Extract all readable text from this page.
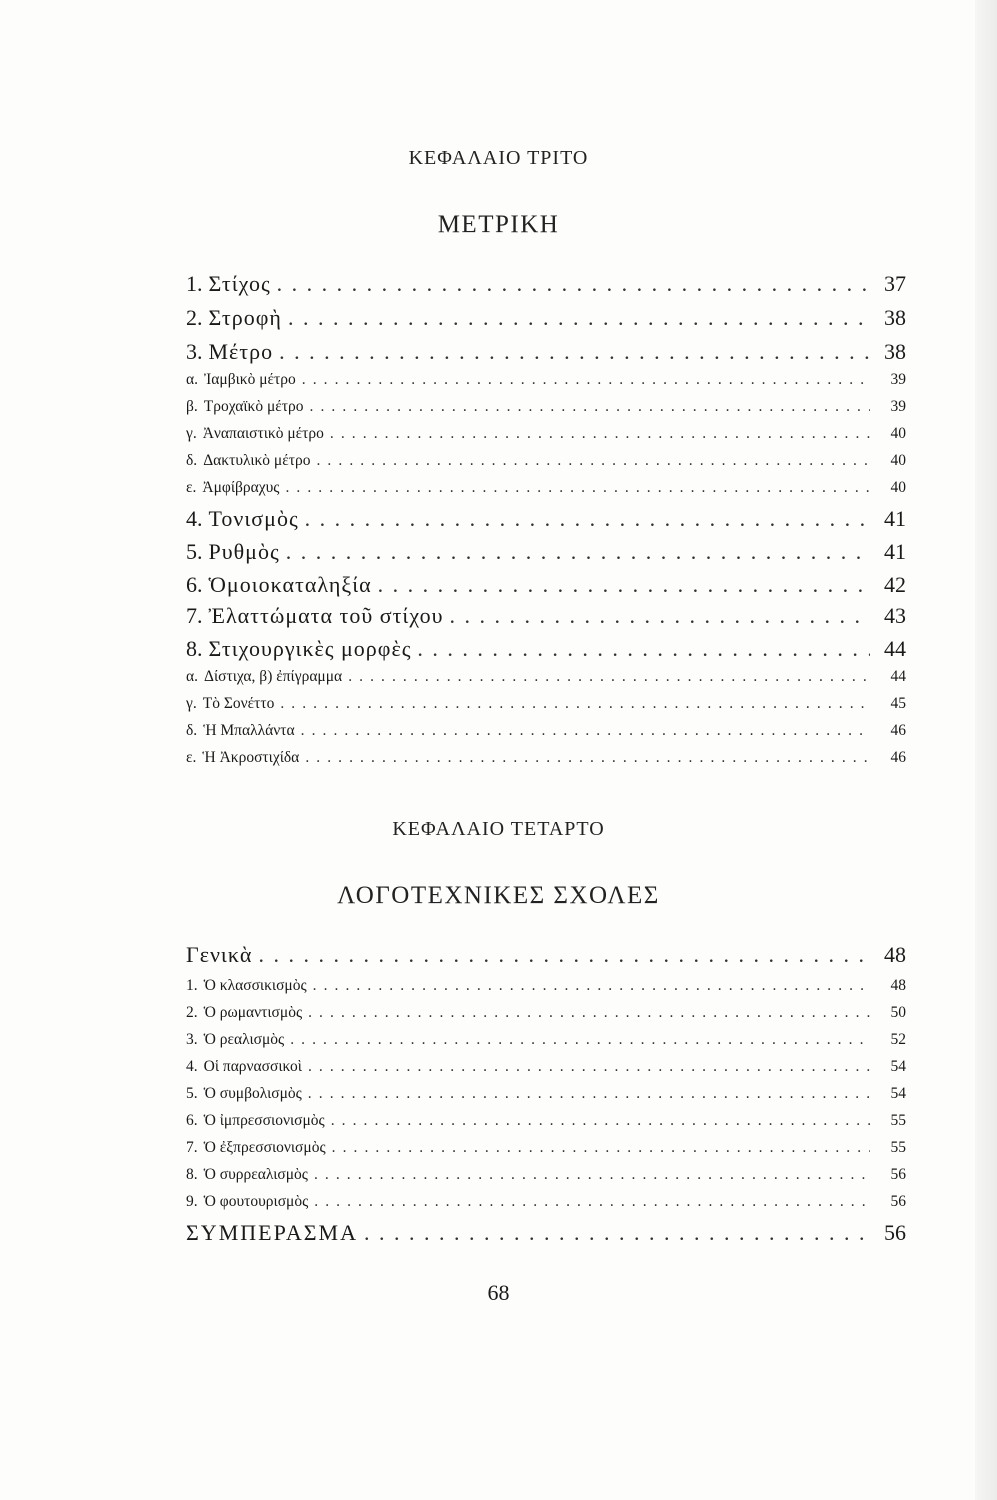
ΚΕΦΑΛΑΙΟ ΤΡΙΤΟ
ΜΕΤΡΙΚΗ
1. Στίχος . . .	37
2. Στροφὴ . . .	38
3. Μέτρο . . .	38
α. Ἰαμβικὸ μέτρο . . .	39
β. Τροχαϊκὸ μέτρο . . .	39
γ. Ἀναπαιστικὸ μέτρο . . .	40
δ. Δακτυλικὸ μέτρο . . .	40
ε. Ἀμφίβραχυς . . .	40
4. Τονισμὸς . . .	41
5. Ρυθμὸς . . .	41
6. Ὁμοιοκαταληξία . . .	42
7. Ἐλαττώματα τοῦ στίχου . . .	43
8. Στιχουργικὲς μορφὲς . . .	44
α. Δίστιχα, β) ἐπίγραμμα . . .	44
γ. Τὸ Σονέττο . . .	45
δ. Ἡ Μπαλλάντα . . .	46
ε. Ἡ Ἀκροστιχίδα . . .	46
ΚΕΦΑΛΑΙΟ ΤΕΤΑΡΤΟ
ΛΟΓΟΤΕΧΝΙΚΕΣ ΣΧΟΛΕΣ
Γενικὰ . . .	48
1. Ὁ κλασσικισμὸς . . .	48
2. Ὁ ρωμαντισμὸς . . .	50
3. Ὁ ρεαλισμὸς . . .	52
4. Οἱ παρνασσικοὶ . . .	54
5. Ὁ συμβολισμὸς . . .	54
6. Ὁ ἰμπρεσσιονισμὸς . . .	55
7. Ὁ ἐξπρεσσιονισμὸς . . .	55
8. Ὁ συρρεαλισμὸς . . .	56
9. Ὁ φουτουρισμὸς . . .	56
ΣΥΜΠΕΡΑΣΜΑ . . .	56
68
